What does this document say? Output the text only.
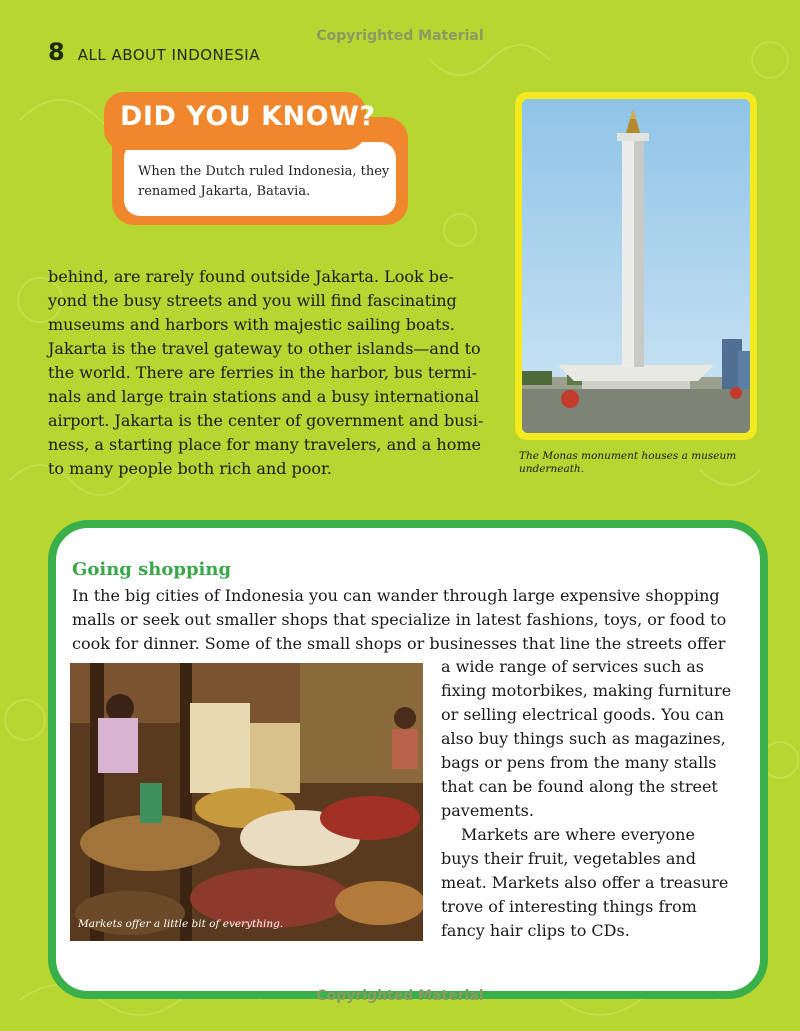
Copyrighted Material
8 ALL ABOUT INDONESIA
DID YOU KNOW?
When the Dutch ruled Indonesia, they
renamed Jakarta, Batavia.
The Monas monument houses a museum
underneath.
behind, are rarely found outside Jakarta. Look be-
yond the busy streets and you will find fascinating
museums and harbors with majestic sailing boats.
Jakarta is the travel gateway to other islands—and to
the world. There are ferries in the harbor, bus termi-
nals and large train stations and a busy international
airport. Jakarta is the center of government and busi-
ness, a starting place for many travelers, and a home
to many people both rich and poor.
Going shopping
In the big cities of Indonesia you can wander through large expensive shopping
malls or seek out smaller shops that specialize in latest fashions, toys, or food to
cook for dinner. Some of the small shops or businesses that line the streets offer
Markets offer a little bit of everything.
a wide range of services such as
fixing motorbikes, making furniture
or selling electrical goods. You can
also buy things such as magazines,
bags or pens from the many stalls
that can be found along the street
pavements.
Markets are where everyone
buys their fruit, vegetables and
meat. Markets also offer a treasure
trove of interesting things from
fancy hair clips to CDs.
Copyrighted Material
